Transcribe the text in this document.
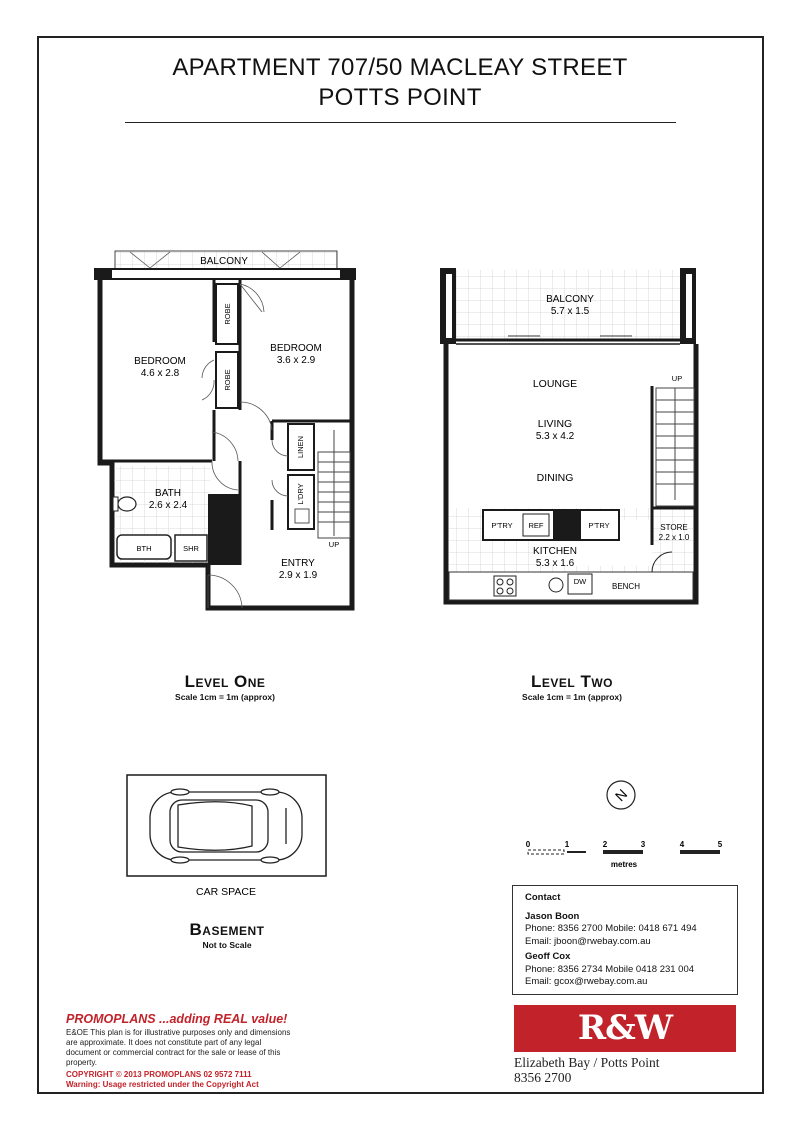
APARTMENT 707/50 MACLEAY STREET
POTTS POINT
BALCONY
BEDROOM
4.6 x 2.8
BEDROOM
3.6 x 2.9
ROBE
ROBE
BATH
2.6 x 2.4
BTH	SHR
LINEN
L'DRY
ENTRY
2.9 x 1.9
UP
BALCONY
5.7 x 1.5
LOUNGE
LIVING
5.3 x 4.2
DINING
UP
P'TRY REF	P'TRY	STORE
2.2 x 1.0
KITCHEN
5.3 x 1.6
DW
BENCH
CAR SPACE
N
0	1	2	3	4	5
metres
Level One
Scale 1cm = 1m (approx)
Level Two
Scale 1cm = 1m (approx)
Basement
Not to Scale
Contact
Jason Boon
Phone: 8356 2700 Mobile: 0418 671 494
Email: jboon@rwebay.com.au
Geoff Cox
Phone: 8356 2734 Mobile 0418 231 004
Email: gcox@rwebay.com.au
R&W
Elizabeth Bay / Potts Point
8356 2700
PROMOPLANS ...adding REAL value!
E&OE This plan is for illustrative purposes only and dimensions are approximate. It does not constitute part of any legal document or commercial contract for the sale or lease of this property.
COPYRIGHT © 2013 PROMOPLANS 02 9572 7111
Warning: Usage restricted under the Copyright Act
